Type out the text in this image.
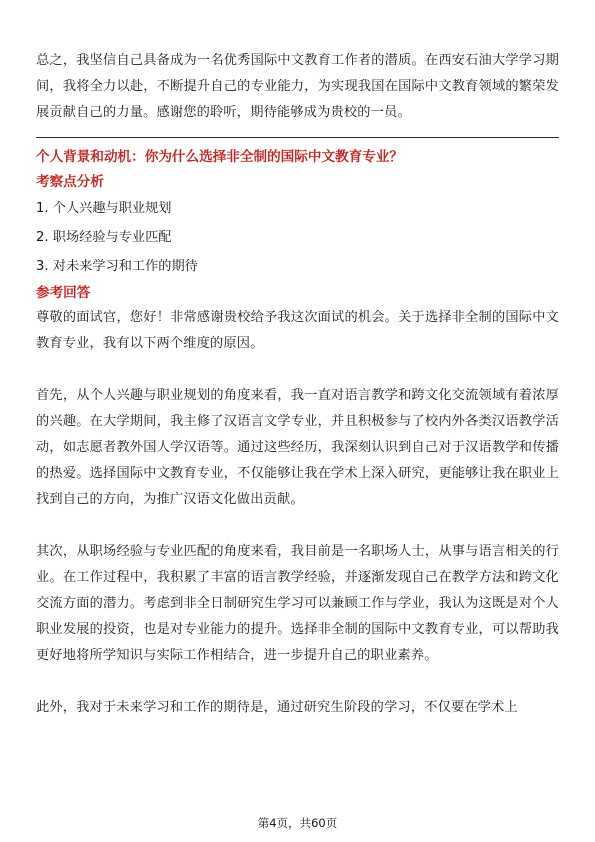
总之，我坚信自己具备成为一名优秀国际中文教育工作者的潜质。在西安石油大学学习期间，我将全力以赴，不断提升自己的专业能力，为实现我国在国际中文教育领域的繁荣发展贡献自己的力量。感谢您的聆听，期待能够成为贵校的一员。

个人背景和动机：你为什么选择非全制的国际中文教育专业？

考察点分析

1. 个人兴趣与职业规划

2. 职场经验与专业匹配

3. 对未来学习和工作的期待

参考回答

尊敬的面试官，您好！非常感谢贵校给予我这次面试的机会。关于选择非全制的国际中文教育专业，我有以下两个维度的原因。

首先，从个人兴趣与职业规划的角度来看，我一直对语言教学和跨文化交流领域有着浓厚的兴趣。在大学期间，我主修了汉语言文学专业，并且积极参与了校内外各类汉语教学活动，如志愿者教外国人学汉语等。通过这些经历，我深刻认识到自己对于汉语教学和传播的热爱。选择国际中文教育专业，不仅能够让我在学术上深入研究，更能够让我在职业上找到自己的方向，为推广汉语文化做出贡献。

其次，从职场经验与专业匹配的角度来看，我目前是一名职场人士，从事与语言相关的行业。在工作过程中，我积累了丰富的语言教学经验，并逐渐发现自己在教学方法和跨文化交流方面的潜力。考虑到非全日制研究生学习可以兼顾工作与学业，我认为这既是对个人职业发展的投资，也是对专业能力的提升。选择非全制的国际中文教育专业，可以帮助我更好地将所学知识与实际工作相结合，进一步提升自己的职业素养。

此外，我对于未来学习和工作的期待是，通过研究生阶段的学习，不仅要在学术上

第4页，共60页
